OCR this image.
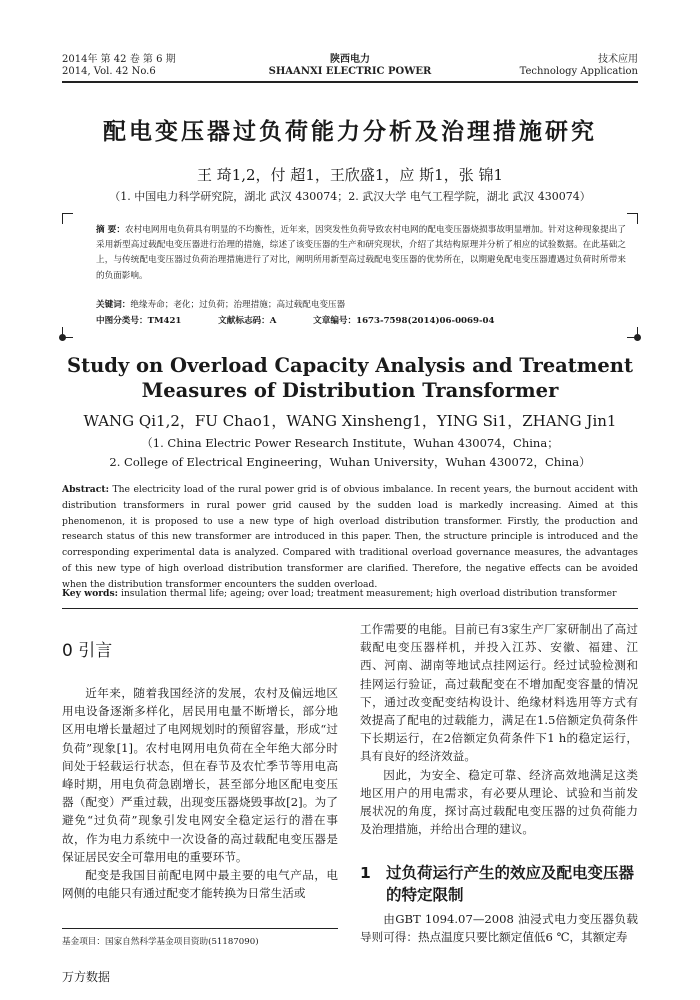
2014年 第 42 卷 第 6 期
2014, Vol. 42 No.6
陕西电力
SHAANXI ELECTRIC POWER
技术应用
Technology Application
配电变压器过负荷能力分析及治理措施研究
王 琦1,2，付 超1，王欣盛1，应 斯1，张 锦1
（1. 中国电力科学研究院，湖北 武汉 430074；2. 武汉大学 电气工程学院，湖北 武汉 430074）
摘 要：农村电网用电负荷具有明显的不均衡性，近年来，因突发性负荷导致农村电网的配电变压器烧损事故明显增加。针对这种现象提出了采用新型高过载配电变压器进行治理的措施，综述了该变压器的生产和研究现状，介绍了其结构原理并分析了相应的试验数据。在此基础之上，与传统配电变压器过负荷治理措施进行了对比，阐明所用新型高过载配电变压器的优势所在，以期避免配电变压器遭遇过负荷时所带来的负面影响。
关键词：绝缘寿命；老化；过负荷；治理措施；高过载配电变压器
中图分类号：TM421	文献标志码：A	文章编号：1673-7598(2014)06-0069-04
Study on Overload Capacity Analysis and Treatment Measures of Distribution Transformer
WANG Qi1,2，FU Chao1，WANG Xinsheng1，YING Si1，ZHANG Jin1
（1. China Electric Power Research Institute，Wuhan 430074，China；
2. College of Electrical Engineering，Wuhan University，Wuhan 430072，China）
Abstract: The electricity load of the rural power grid is of obvious imbalance. In recent years, the burnout accident with distribution transformers in rural power grid caused by the sudden load is markedly increasing. Aimed at this phenomenon, it is proposed to use a new type of high overload distribution transformer. Firstly, the production and research status of this new transformer are introduced in this paper. Then, the structure principle is introduced and the corresponding experimental data is analyzed. Compared with traditional overload governance measures, the advantages of this new type of high overload distribution transformer are clarified. Therefore, the negative effects can be avoided when the distribution transformer encounters the sudden overload.
Key words: insulation thermal life; ageing; over load; treatment measurement; high overload distribution transformer
0 引言

近年来，随着我国经济的发展，农村及偏远地区用电设备逐渐多样化，居民用电量不断增长，部分地区用电增长量超过了电网规划时的预留容量，形成“过负荷”现象[1]。农村电网用电负荷在全年绝大部分时间处于轻载运行状态，但在春节及农忙季节等用电高峰时期，用电负荷急剧增长，甚至部分地区配电变压器（配变）严重过载，出现变压器烧毁事故[2]。为了避免“过负荷”现象引发电网安全稳定运行的潜在事故，作为电力系统中一次设备的高过载配电变压器是保证居民安全可靠用电的重要环节。

配变是我国目前配电网中最主要的电气产品，电网侧的电能只有通过配变才能转换为日常生活或

工作需要的电能。目前已有3家生产厂家研制出了高过载配电变压器样机，并投入江苏、安徽、福建、江西、河南、湖南等地试点挂网运行。经过试验检测和挂网运行验证，高过载配变在不增加配变容量的情况下，通过改变配变结构设计、绝缘材料选用等方式有效提高了配电的过载能力，满足在1.5倍额定负荷条件下长期运行，在2倍额定负荷条件下1 h的稳定运行，具有良好的经济效益。

因此，为安全、稳定可靠、经济高效地满足这类地区用户的用电需求，有必要从理论、试验和当前发展状况的角度，探讨高过载配电变压器的过负荷能力及治理措施，并给出合理的建议。

1 过负荷运行产生的效应及配电变压器的特定限制

由GBT 1094.07—2008 油浸式电力变压器负载导则可得：热点温度只要比额定值低6 ℃，其额定寿

基金项目：国家自然科学基金项目资助(51187090)
万方数据
